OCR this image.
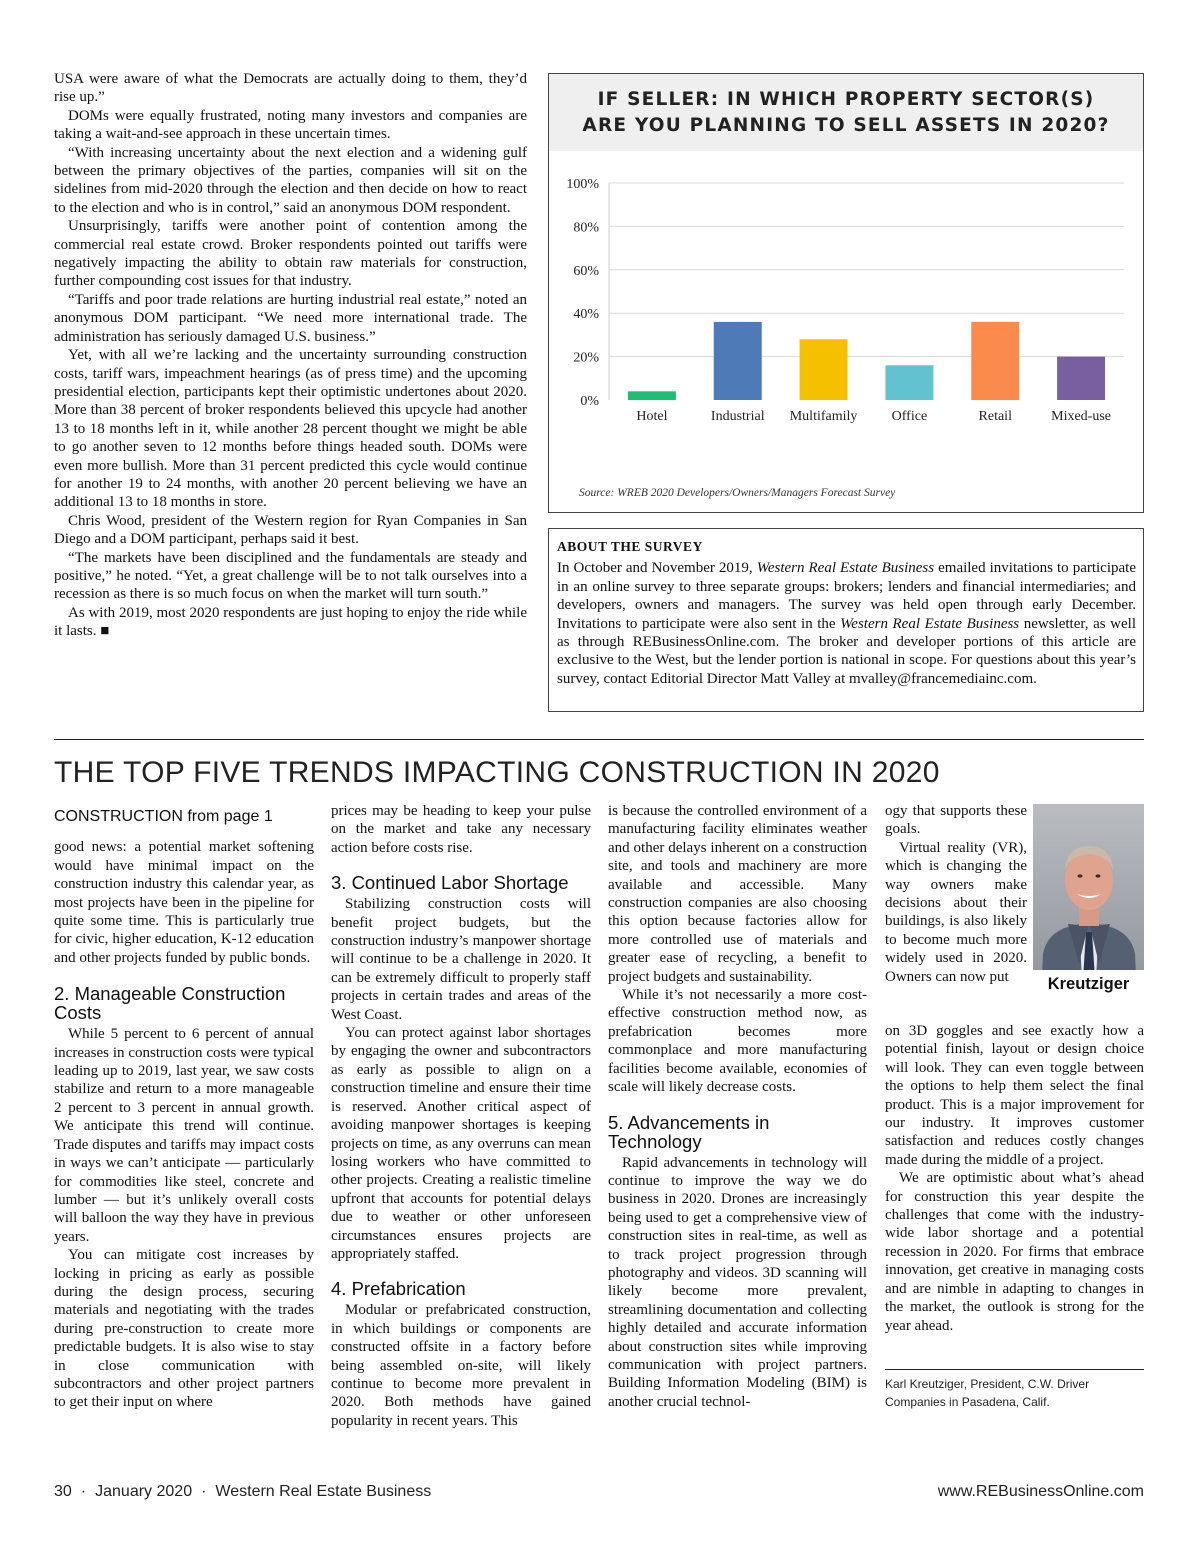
USA were aware of what the Democrats are actually doing to them, they’d rise up.”

DOMs were equally frustrated, noting many investors and companies are taking a wait-and-see approach in these uncertain times.

“With increasing uncertainty about the next election and a widening gulf between the primary objectives of the parties, companies will sit on the sidelines from mid-2020 through the election and then decide on how to react to the election and who is in control,” said an anonymous DOM respondent.

Unsurprisingly, tariffs were another point of contention among the commercial real estate crowd. Broker respondents pointed out tariffs were negatively impacting the ability to obtain raw materials for construction, further compounding cost issues for that industry.

“Tariffs and poor trade relations are hurting industrial real estate,” noted an anonymous DOM participant. “We need more international trade. The administration has seriously damaged U.S. business.”

Yet, with all we’re lacking and the uncertainty surrounding construction costs, tariff wars, impeachment hearings (as of press time) and the upcoming presidential election, participants kept their optimistic undertones about 2020. More than 38 percent of broker respondents believed this upcycle had another 13 to 18 months left in it, while another 28 percent thought we might be able to go another seven to 12 months before things headed south. DOMs were even more bullish. More than 31 percent predicted this cycle would continue for another 19 to 24 months, with another 20 percent believing we have an additional 13 to 18 months in store.

Chris Wood, president of the Western region for Ryan Companies in San Diego and a DOM participant, perhaps said it best.

“The markets have been disciplined and the fundamentals are steady and positive,” he noted. “Yet, a great challenge will be to not talk ourselves into a recession as there is so much focus on when the market will turn south.”

As with 2019, most 2020 respondents are just hoping to enjoy the ride while it lasts. ■

IF SELLER: IN WHICH PROPERTY SECTOR(S) ARE YOU PLANNING TO SELL ASSETS IN 2020?
0%
20%
40%
60%
80%
100%
Hotel	Industrial Multifamily Office	Retail	Mixed-use
Source: WREB 2020 Developers/Owners/Managers Forecast Survey
ABOUT THE SURVEY

In October and November 2019, Western Real Estate Business emailed invitations to participate in an online survey to three separate groups: brokers; lenders and financial intermediaries; and developers, owners and managers. The survey was held open through early December. Invitations to participate were also sent in the Western Real Estate Business newsletter, as well as through REBusinessOnline.com. The broker and developer portions of this article are exclusive to the West, but the lender portion is national in scope. For questions about this year’s survey, contact Editorial Director Matt Valley at mvalley@francemediainc.com.

THE TOP FIVE TRENDS IMPACTING CONSTRUCTION IN 2020
CONSTRUCTION from page 1

good news: a potential market softening would have minimal impact on the construction industry this calendar year, as most projects have been in the pipeline for quite some time. This is particularly true for civic, higher education, K-12 education and other projects funded by public bonds.

2. Manageable Construction Costs

While 5 percent to 6 percent of annual increases in construction costs were typical leading up to 2019, last year, we saw costs stabilize and return to a more manageable 2 percent to 3 percent in annual growth. We anticipate this trend will continue. Trade disputes and tariffs may impact costs in ways we can’t anticipate — particularly for commodities like steel, concrete and lumber — but it’s unlikely overall costs will balloon the way they have in previous years.

You can mitigate cost increases by locking in pricing as early as possible during the design process, securing materials and negotiating with the trades during pre-construction to create more predictable budgets. It is also wise to stay in close communication with subcontractors and other project partners to get their input on where

prices may be heading to keep your pulse on the market and take any necessary action before costs rise.

3. Continued Labor Shortage

Stabilizing construction costs will benefit project budgets, but the construction industry’s manpower shortage will continue to be a challenge in 2020. It can be extremely difficult to properly staff projects in certain trades and areas of the West Coast.

You can protect against labor shortages by engaging the owner and subcontractors as early as possible to align on a construction timeline and ensure their time is reserved. Another critical aspect of avoiding manpower shortages is keeping projects on time, as any overruns can mean losing workers who have committed to other projects. Creating a realistic timeline upfront that accounts for potential delays due to weather or other unforeseen circumstances ensures projects are appropriately staffed.

4. Prefabrication

Modular or prefabricated construction, in which buildings or components are constructed offsite in a factory before being assembled on-site, will likely continue to become more prevalent in 2020. Both methods have gained popularity in recent years. This

is because the controlled environment of a manufacturing facility eliminates weather and other delays inherent on a construction site, and tools and machinery are more available and accessible. Many construction companies are also choosing this option because factories allow for more controlled use of materials and greater ease of recycling, a benefit to project budgets and sustainability.

While it’s not necessarily a more cost-effective construction method now, as prefabrication becomes more commonplace and more manufacturing facilities become available, economies of scale will likely decrease costs.

5. Advancements in Technology

Rapid advancements in technology will continue to improve the way we do business in 2020. Drones are increasingly being used to get a comprehensive view of construction sites in real-time, as well as to track project progression through photography and videos. 3D scanning will likely become more prevalent, streamlining documentation and collecting highly detailed and accurate information about construction sites while improving communication with project partners. Building Information Modeling (BIM) is another crucial technol-

ogy that supports these goals.

Virtual reality (VR), which is changing the way owners make decisions about their buildings, is also likely to become much more widely used in 2020. Owners can now put

on 3D goggles and see exactly how a potential finish, layout or design choice will look. They can even toggle between the options to help them select the final product. This is a major improvement for our industry. It improves customer satisfaction and reduces costly changes made during the middle of a project.

We are optimistic about what’s ahead for construction this year despite the challenges that come with the industry-wide labor shortage and a potential recession in 2020. For firms that embrace innovation, get creative in managing costs and are nimble in adapting to changes in the market, the outlook is strong for the year ahead.

Kreutziger
Karl Kreutziger, President, C.W. Driver Companies in Pasadena, Calif.
30 · January 2020 · Western Real Estate Business	www.REBusinessOnline.com
